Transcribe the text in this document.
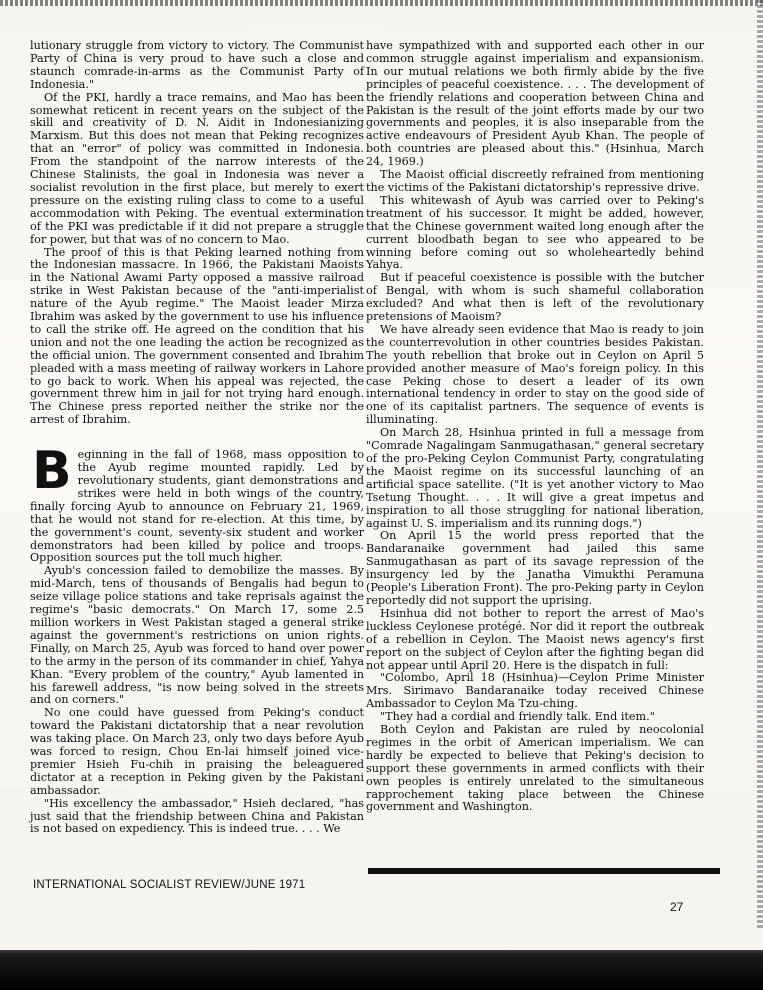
lutionary struggle from victory to victory. The Communist Party of China is very proud to have such a close and staunch comrade-in-arms as the Communist Party of Indonesia."

Of the PKI, hardly a trace remains, and Mao has been somewhat reticent in recent years on the subject of the skill and creativity of D. N. Aidit in Indonesianizing Marxism. But this does not mean that Peking recognizes that an "error" of policy was committed in Indonesia. From the standpoint of the narrow interests of the Chinese Stalinists, the goal in Indonesia was never a socialist revolution in the first place, but merely to exert pressure on the existing ruling class to come to a useful accommodation with Peking. The eventual extermination of the PKI was predictable if it did not prepare a struggle for power, but that was of no concern to Mao.

The proof of this is that Peking learned nothing from the Indonesian massacre. In 1966, the Pakistani Maoists in the National Awami Party opposed a massive railroad strike in West Pakistan because of the "anti-imperialist nature of the Ayub regime." The Maoist leader Mirza Ibrahim was asked by the government to use his influence to call the strike off. He agreed on the condition that his union and not the one leading the action be recognized as the official union. The government consented and Ibrahim pleaded with a mass meeting of railway workers in Lahore to go back to work. When his appeal was rejected, the government threw him in jail for not trying hard enough. The Chinese press reported neither the strike nor the arrest of Ibrahim.

Beginning in the fall of 1968, mass opposition to the Ayub regime mounted rapidly. Led by revolutionary students, giant demonstrations and strikes were held in both wings of the country, finally forcing Ayub to announce on February 21, 1969, that he would not stand for re-election. At this time, by the government's count, seventy-six student and worker demonstrators had been killed by police and troops. Opposition sources put the toll much higher.

Ayub's concession failed to demobilize the masses. By mid-March, tens of thousands of Bengalis had begun to seize village police stations and take reprisals against the regime's "basic democrats." On March 17, some 2.5 million workers in West Pakistan staged a general strike against the government's restrictions on union rights. Finally, on March 25, Ayub was forced to hand over power to the army in the person of its commander in chief, Yahya Khan. "Every problem of the country," Ayub lamented in his farewell address, "is now being solved in the streets and on corners."

No one could have guessed from Peking's conduct toward the Pakistani dictatorship that a near revolution was taking place. On March 23, only two days before Ayub was forced to resign, Chou En-lai himself joined vice-premier Hsieh Fu-chih in praising the beleaguered dictator at a reception in Peking given by the Pakistani ambassador.

"His excellency the ambassador," Hsieh declared, "has just said that the friendship between China and Pakistan is not based on expediency. This is indeed true. . . . We

have sympathized with and supported each other in our common struggle against imperialism and expansionism. In our mutual relations we both firmly abide by the five principles of peaceful coexistence. . . . The development of the friendly relations and cooperation between China and Pakistan is the result of the joint efforts made by our two governments and peoples, it is also inseparable from the active endeavours of President Ayub Khan. The people of both countries are pleased about this." (Hsinhua, March 24, 1969.)

The Maoist official discreetly refrained from mentioning the victims of the Pakistani dictatorship's repressive drive.

This whitewash of Ayub was carried over to Peking's treatment of his successor. It might be added, however, that the Chinese government waited long enough after the current bloodbath began to see who appeared to be winning before coming out so wholeheartedly behind Yahya.

But if peaceful coexistence is possible with the butcher of Bengal, with whom is such shameful collaboration excluded? And what then is left of the revolutionary pretensions of Maoism?

We have already seen evidence that Mao is ready to join the counterrevolution in other countries besides Pakistan. The youth rebellion that broke out in Ceylon on April 5 provided another measure of Mao's foreign policy. In this case Peking chose to desert a leader of its own international tendency in order to stay on the good side of one of its capitalist partners. The sequence of events is illuminating.

On March 28, Hsinhua printed in full a message from "Comrade Nagalingam Sanmugathasan," general secretary of the pro-Peking Ceylon Communist Party, congratulating the Maoist regime on its successful launching of an artificial space satellite. ("It is yet another victory to Mao Tsetung Thought. . . . It will give a great impetus and inspiration to all those struggling for national liberation, against U. S. imperialism and its running dogs.")

On April 15 the world press reported that the Bandaranaike government had jailed this same Sanmugathasan as part of its savage repression of the insurgency led by the Janatha Vimukthi Peramuna (People's Liberation Front). The pro-Peking party in Ceylon reportedly did not support the uprising.

Hsinhua did not bother to report the arrest of Mao's luckless Ceylonese protégé. Nor did it report the outbreak of a rebellion in Ceylon. The Maoist news agency's first report on the subject of Ceylon after the fighting began did not appear until April 20. Here is the dispatch in full:

"Colombo, April 18 (Hsinhua)—Ceylon Prime Minister Mrs. Sirimavo Bandaranaike today received Chinese Ambassador to Ceylon Ma Tzu-ching.

"They had a cordial and friendly talk. End item."

Both Ceylon and Pakistan are ruled by neocolonial regimes in the orbit of American imperialism. We can hardly be expected to believe that Peking's decision to support these governments in armed conflicts with their own peoples is entirely unrelated to the simultaneous rapprochement taking place between the Chinese government and Washington.

INTERNATIONAL SOCIALIST REVIEW/JUNE 1971
27
